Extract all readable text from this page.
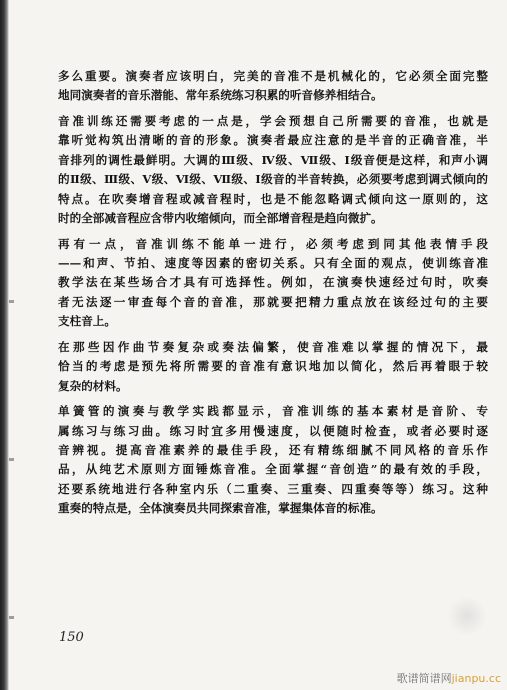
多么重要。演奏者应该明白，完美的音准不是机械化的，它必须全面完整
地同演奏者的音乐潜能、常年系统练习积累的听音修养相结合。
音准训练还需要考虑的一点是，学会预想自己所需要的音准，也就是
靠听觉构筑出清晰的音的形象。演奏者最应注意的是半音的正确音准，半
音排列的调性最鲜明。大调的Ⅲ级、Ⅳ级、Ⅶ级、Ⅰ级音便是这样，和声小调
的Ⅱ级、Ⅲ级、Ⅴ级、Ⅵ级、Ⅶ级、Ⅰ级音的半音转换，必须要考虑到调式倾向的
特点。在吹奏增音程或减音程时，也是不能忽略调式倾向这一原则的，这
时的全部减音程应含带内收缩倾向，而全部增音程是趋向微扩。
再有一点，音准训练不能单一进行，必须考虑到同其他表情手段
——和声、节拍、速度等因素的密切关系。只有全面的观点，使训练音准
教学法在某些场合才具有可选择性。例如，在演奏快速经过句时，吹奏
者无法逐一审查每个音的音准，那就要把精力重点放在该经过句的主要
支柱音上。
在那些因作曲节奏复杂或奏法偏繁，使音准难以掌握的情况下，最
恰当的考虑是预先将所需要的音准有意识地加以简化，然后再着眼于较
复杂的材料。
单簧管的演奏与教学实践都显示，音准训练的基本素材是音阶、专
属练习与练习曲。练习时宜多用慢速度，以便随时检查，或者必要时逐
音辨视。提高音准素养的最佳手段，还有精练细腻不同风格的音乐作
品，从纯艺术原则方面锤炼音准。全面掌握“音创造”的最有效的手段，
还要系统地进行各种室内乐（二重奏、三重奏、四重奏等等）练习。这种
重奏的特点是，全体演奏员共同探索音准，掌握集体音的标准。
150
歌谱简谱网jianpu.cc
